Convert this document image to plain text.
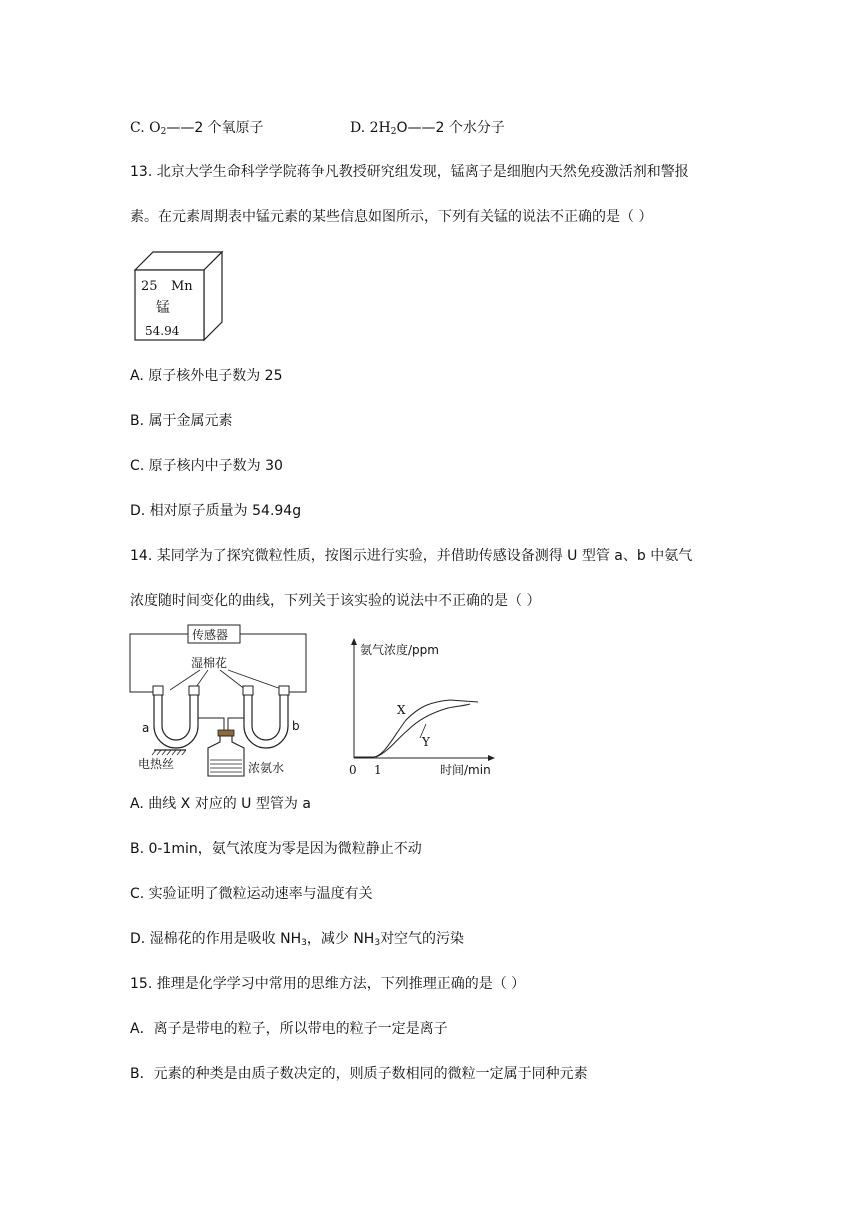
C. $O_2——2$ 个氧原子	D. $2H_2O——2$ 个水分子
13. 北京大学生命科学学院蒋争凡教授研究组发现，锰离子是细胞内天然免疫激活剂和警报
素。在元素周期表中锰元素的某些信息如图所示，下列有关锰的说法不正确的是（ ）
25 Mn
锰
54.94
A. 原子核外电子数为 25
B. 属于金属元素
C. 原子核内中子数为 30
D. 相对原子质量为 54.94g
14. 某同学为了探究微粒性质，按图示进行实验，并借助传感设备测得 U 型管 a、b 中氨气
浓度随时间变化的曲线，下列关于该实验的说法中不正确的是（ ）
传感器
湿棉花
a	b
电热丝	浓氨水
氨气浓度/ppm
0 1	时间/min
X
Y
A. 曲线 X 对应的 U 型管为 a
B. 0-1min，氨气浓度为零是因为微粒静止不动
C. 实验证明了微粒运动速率与温度有关
D. 湿棉花的作用是吸收 $NH_3$，减少 $NH_3$对空气的污染
15. 推理是化学学习中常用的思维方法，下列推理正确的是（ ）
A．离子是带电的粒子，所以带电的粒子一定是离子
B．元素的种类是由质子数决定的，则质子数相同的微粒一定属于同种元素
